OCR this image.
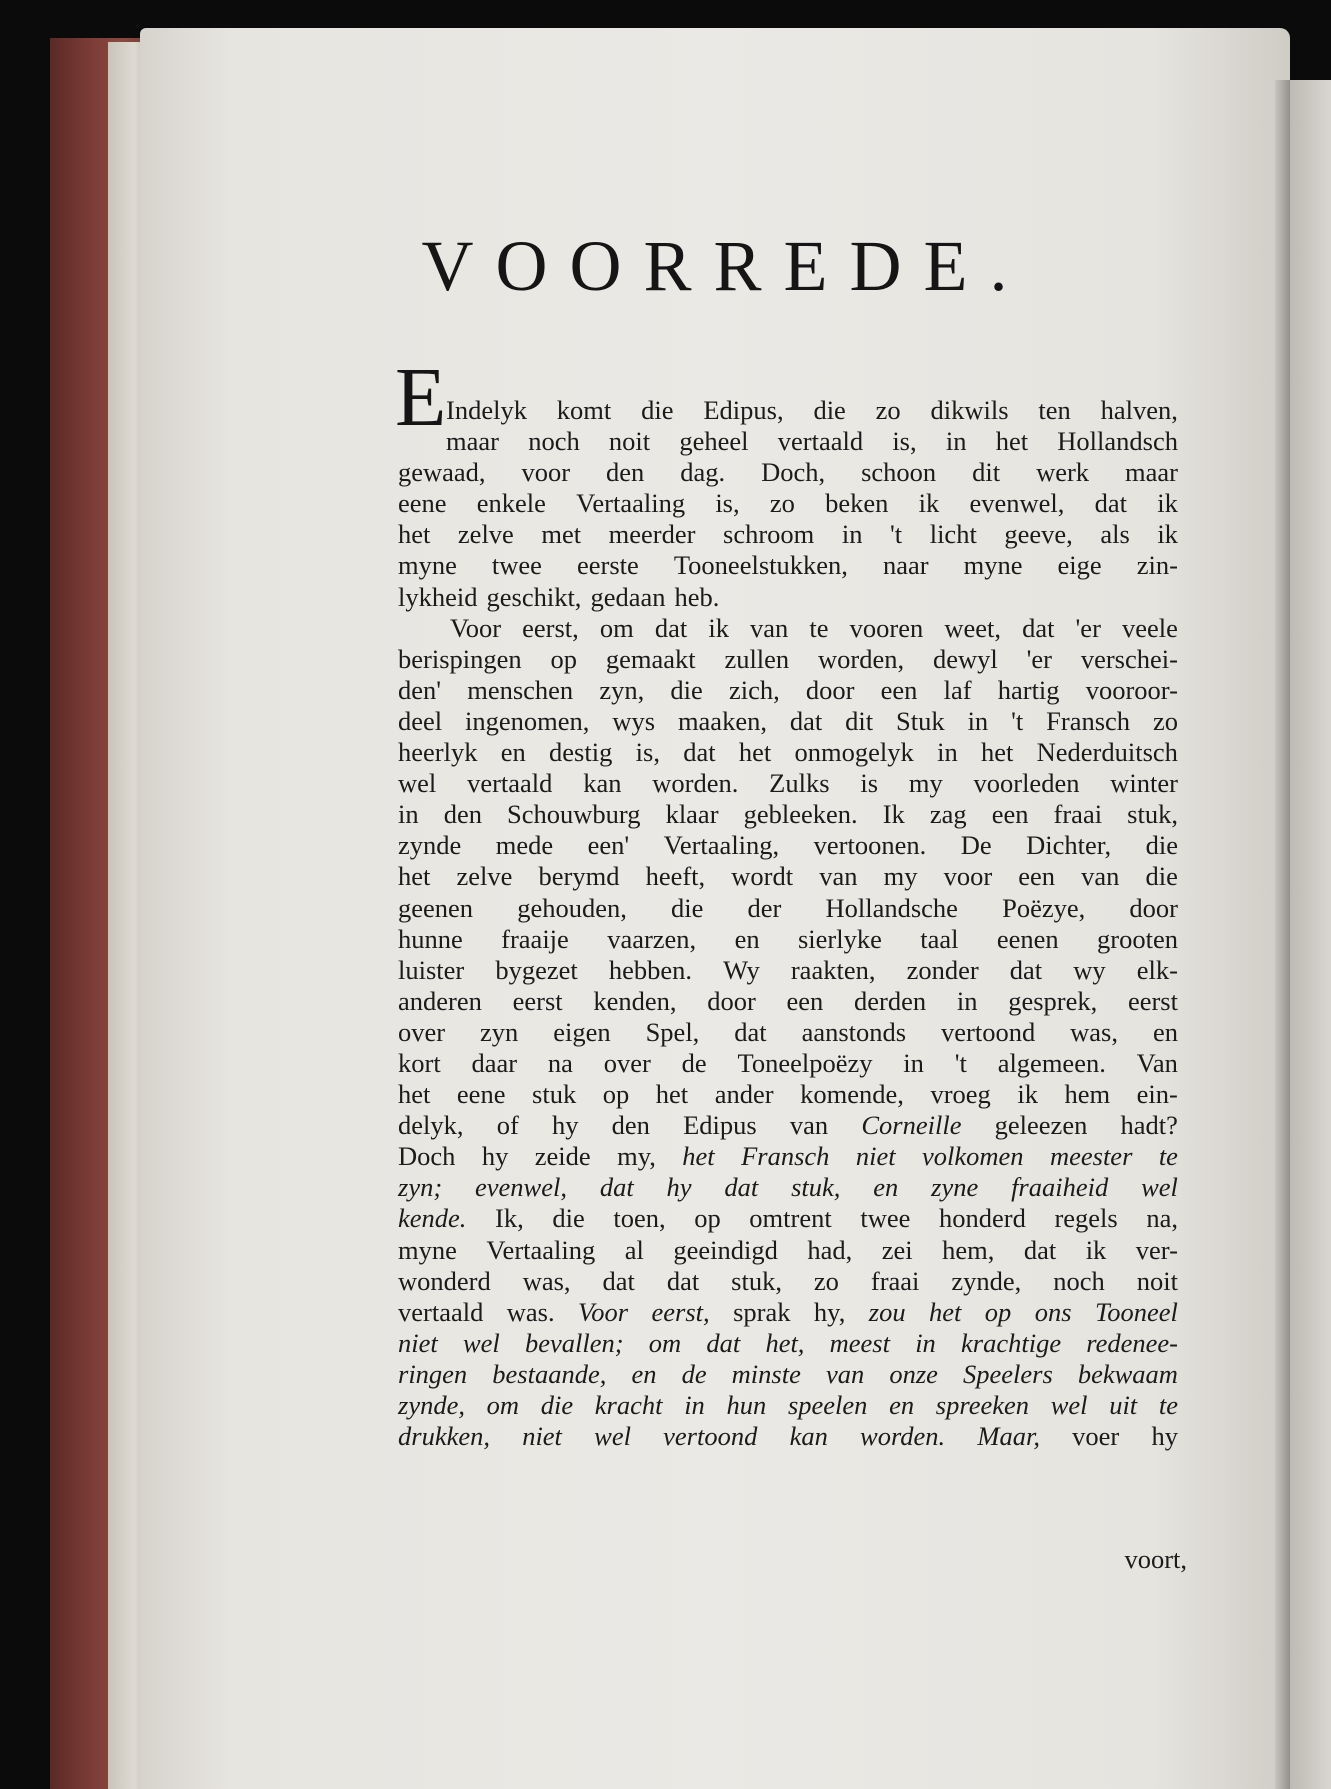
VOORREDE.
E Indelyk komt die Edipus, die zo dikwils ten halven,
maar noch noit geheel vertaald is, in het Hollandsch
gewaad, voor den dag. Doch, schoon dit werk maar
eene enkele Vertaaling is, zo beken ik evenwel, dat ik
het zelve met meerder schroom in 't licht geeve, als ik
myne twee eerste Tooneelstukken, naar myne eige zin-
lykheid geschikt, gedaan heb.
Voor eerst, om dat ik van te vooren weet, dat 'er veele
berispingen op gemaakt zullen worden, dewyl 'er verschei-
den' menschen zyn, die zich, door een laf hartig vooroor-
deel ingenomen, wys maaken, dat dit Stuk in 't Fransch zo
heerlyk en destig is, dat het onmogelyk in het Nederduitsch
wel vertaald kan worden. Zulks is my voorleden winter
in den Schouwburg klaar gebleeken. Ik zag een fraai stuk,
zynde mede een' Vertaaling, vertoonen. De Dichter, die
het zelve berymd heeft, wordt van my voor een van die
geenen gehouden, die der Hollandsche Poëzye, door
hunne fraaije vaarzen, en sierlyke taal eenen grooten
luister bygezet hebben. Wy raakten, zonder dat wy elk-
anderen eerst kenden, door een derden in gesprek, eerst
over zyn eigen Spel, dat aanstonds vertoond was, en
kort daar na over de Toneelpoëzy in 't algemeen. Van
het eene stuk op het ander komende, vroeg ik hem ein-
delyk, of hy den Edipus van Corneille geleezen hadt?
Doch hy zeide my, het Fransch niet volkomen meester te
zyn; evenwel, dat hy dat stuk, en zyne fraaiheid wel
kende. Ik, die toen, op omtrent twee honderd regels na,
myne Vertaaling al geeindigd had, zei hem, dat ik ver-
wonderd was, dat dat stuk, zo fraai zynde, noch noit
vertaald was. Voor eerst, sprak hy, zou het op ons Tooneel
niet wel bevallen; om dat het, meest in krachtige redenee-
ringen bestaande, en de minste van onze Speelers bekwaam
zynde, om die kracht in hun speelen en spreeken wel uit te
drukken, niet wel vertoond kan worden. Maar, voer hy
voort,
